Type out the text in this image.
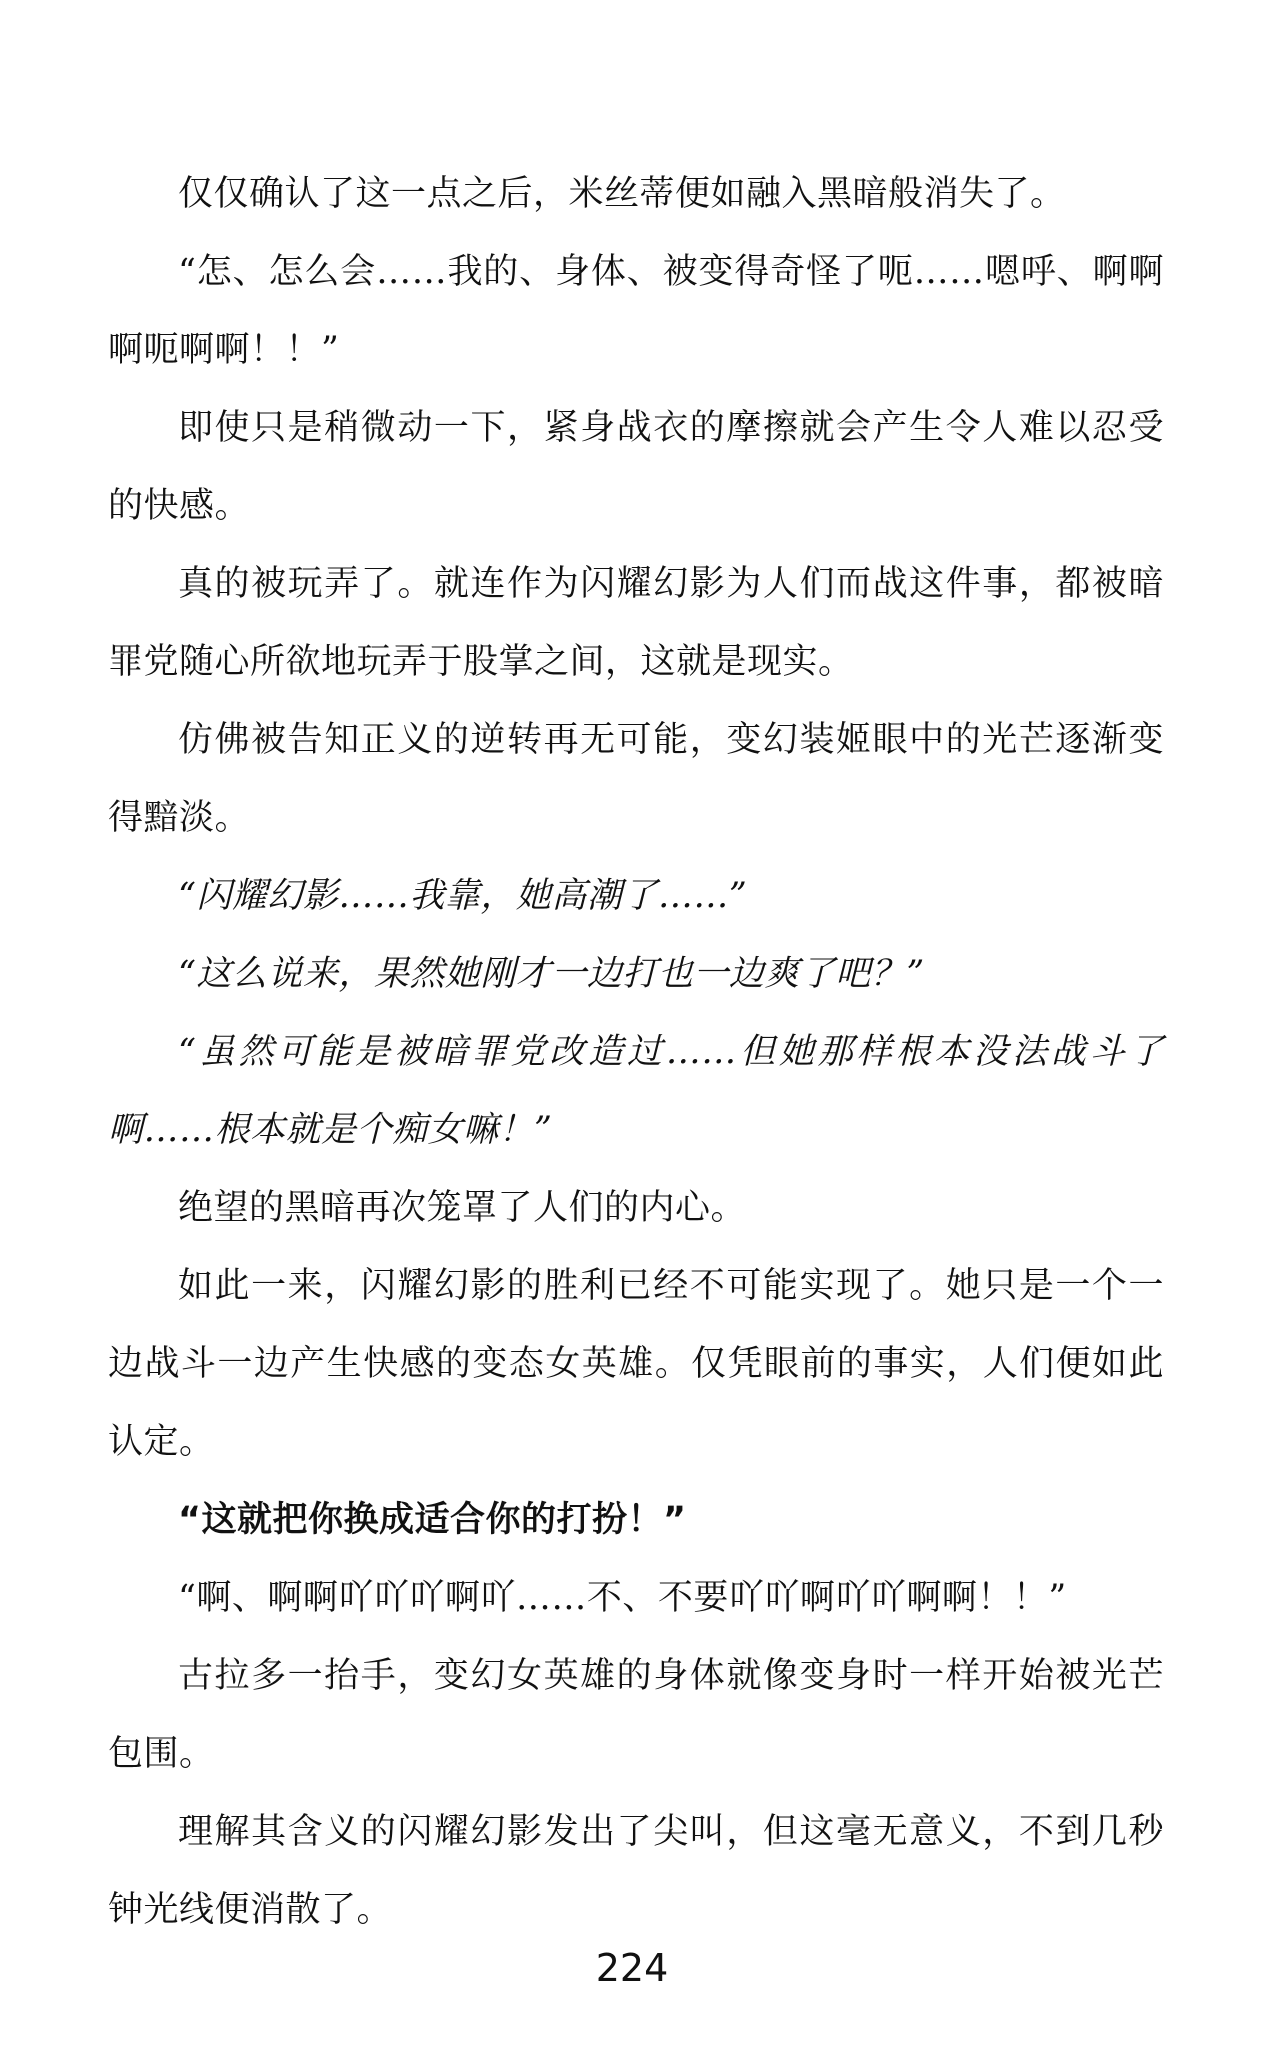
仅仅确认了这一点之后，米丝蒂便如融入黑暗般消失了。

“怎、怎么会……我的、身体、被变得奇怪了呃……嗯呼、啊啊啊呃啊啊！！”

即使只是稍微动一下，紧身战衣的摩擦就会产生令人难以忍受的快感。

真的被玩弄了。就连作为闪耀幻影为人们而战这件事，都被暗罪党随心所欲地玩弄于股掌之间，这就是现实。

仿佛被告知正义的逆转再无可能，变幻装姬眼中的光芒逐渐变得黯淡。

“闪耀幻影……我靠，她高潮了……”

“这么说来，果然她刚才一边打也一边爽了吧？”

“虽然可能是被暗罪党改造过……但她那样根本没法战斗了啊……根本就是个痴女嘛！”

绝望的黑暗再次笼罩了人们的内心。

如此一来，闪耀幻影的胜利已经不可能实现了。她只是一个一边战斗一边产生快感的变态女英雄。仅凭眼前的事实，人们便如此认定。

“这就把你换成适合你的打扮！”

“啊、啊啊吖吖吖啊吖……不、不要吖吖啊吖吖啊啊！！”

古拉多一抬手，变幻女英雄的身体就像变身时一样开始被光芒包围。

理解其含义的闪耀幻影发出了尖叫，但这毫无意义，不到几秒钟光线便消散了。

224
